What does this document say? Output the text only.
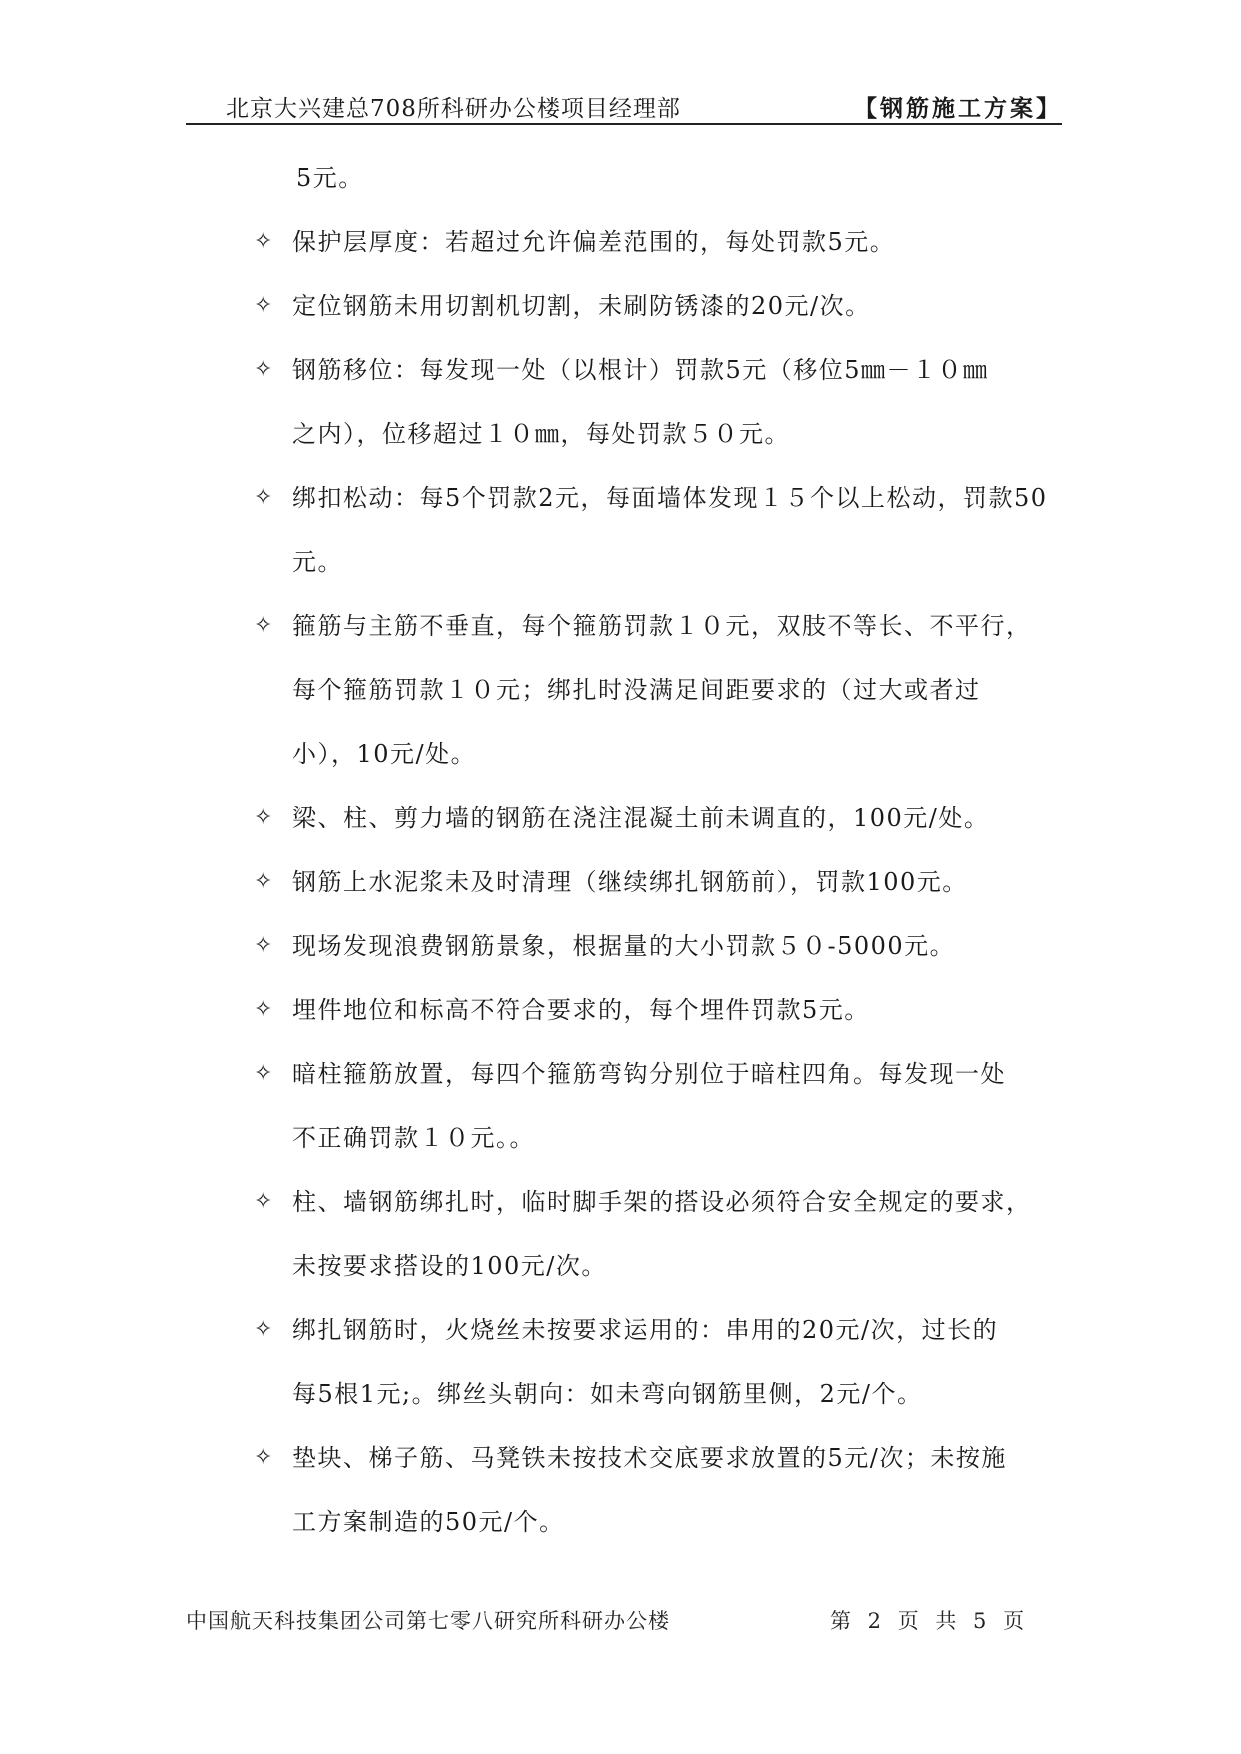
北京大兴建总708所科研办公楼项目经理部	【钢筋施工方案】
5元。
✧ 保护层厚度：若超过允许偏差范围的，每处罚款5元。
✧ 定位钢筋未用切割机切割，未刷防锈漆的20元/次。
✧ 钢筋移位：每发现一处（以根计）罚款5元（移位5㎜－１０㎜
之内），位移超过１０㎜，每处罚款５０元。
✧ 绑扣松动：每5个罚款2元，每面墙体发现１５个以上松动，罚款50
元。
✧ 箍筋与主筋不垂直，每个箍筋罚款１０元，双肢不等长、不平行，
每个箍筋罚款１０元；绑扎时没满足间距要求的（过大或者过
小），10元/处。
✧ 梁、柱、剪力墙的钢筋在浇注混凝土前未调直的，100元/处。
✧ 钢筋上水泥浆未及时清理（继续绑扎钢筋前），罚款100元。
✧ 现场发现浪费钢筋景象，根据量的大小罚款５０-5000元。
✧ 埋件地位和标高不符合要求的，每个埋件罚款5元。
✧ 暗柱箍筋放置，每四个箍筋弯钩分别位于暗柱四角。每发现一处
不正确罚款１０元。。
✧ 柱、墙钢筋绑扎时，临时脚手架的搭设必须符合安全规定的要求，
未按要求搭设的100元/次。
✧ 绑扎钢筋时，火烧丝未按要求运用的：串用的20元/次，过长的
每5根1元;。绑丝头朝向：如未弯向钢筋里侧，2元/个。
✧ 垫块、梯子筋、马凳铁未按技术交底要求放置的5元/次；未按施
工方案制造的50元/个。
中国航天科技集团公司第七零八研究所科研办公楼	第 2 页 共 5 页
